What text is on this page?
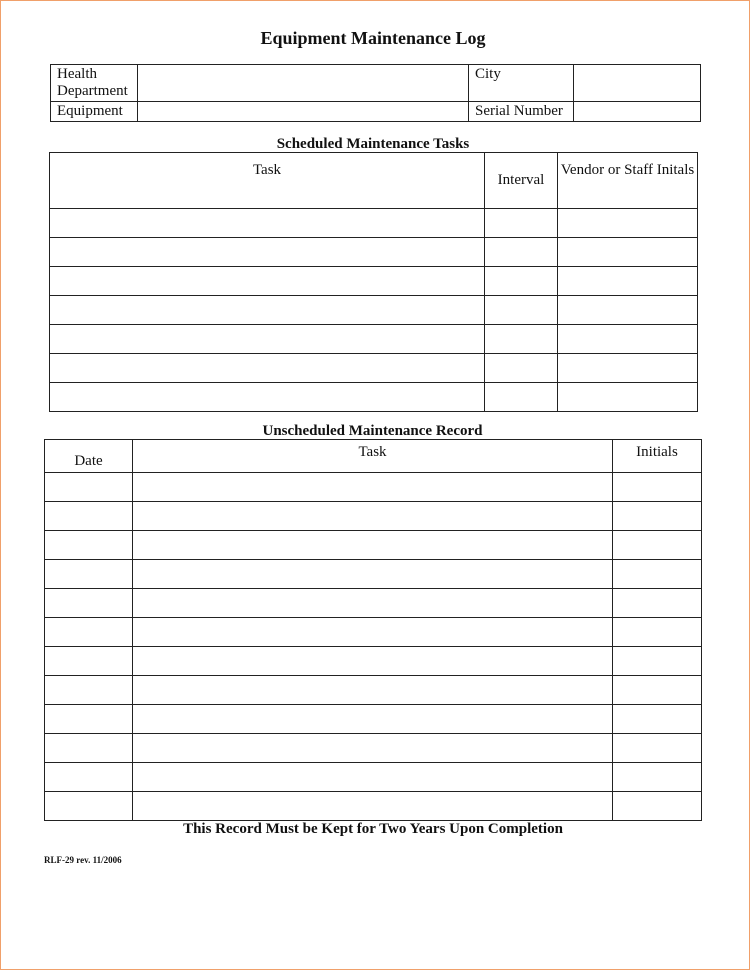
Equipment Maintenance Log
Health Department		City	
Equipment		Serial Number	
Scheduled Maintenance Tasks
Task	Interval	Vendor or Staff Initals

Unscheduled Maintenance Record
Date	Task	Initials

This Record Must be Kept for Two Years Upon Completion
RLF-29 rev. 11/2006
